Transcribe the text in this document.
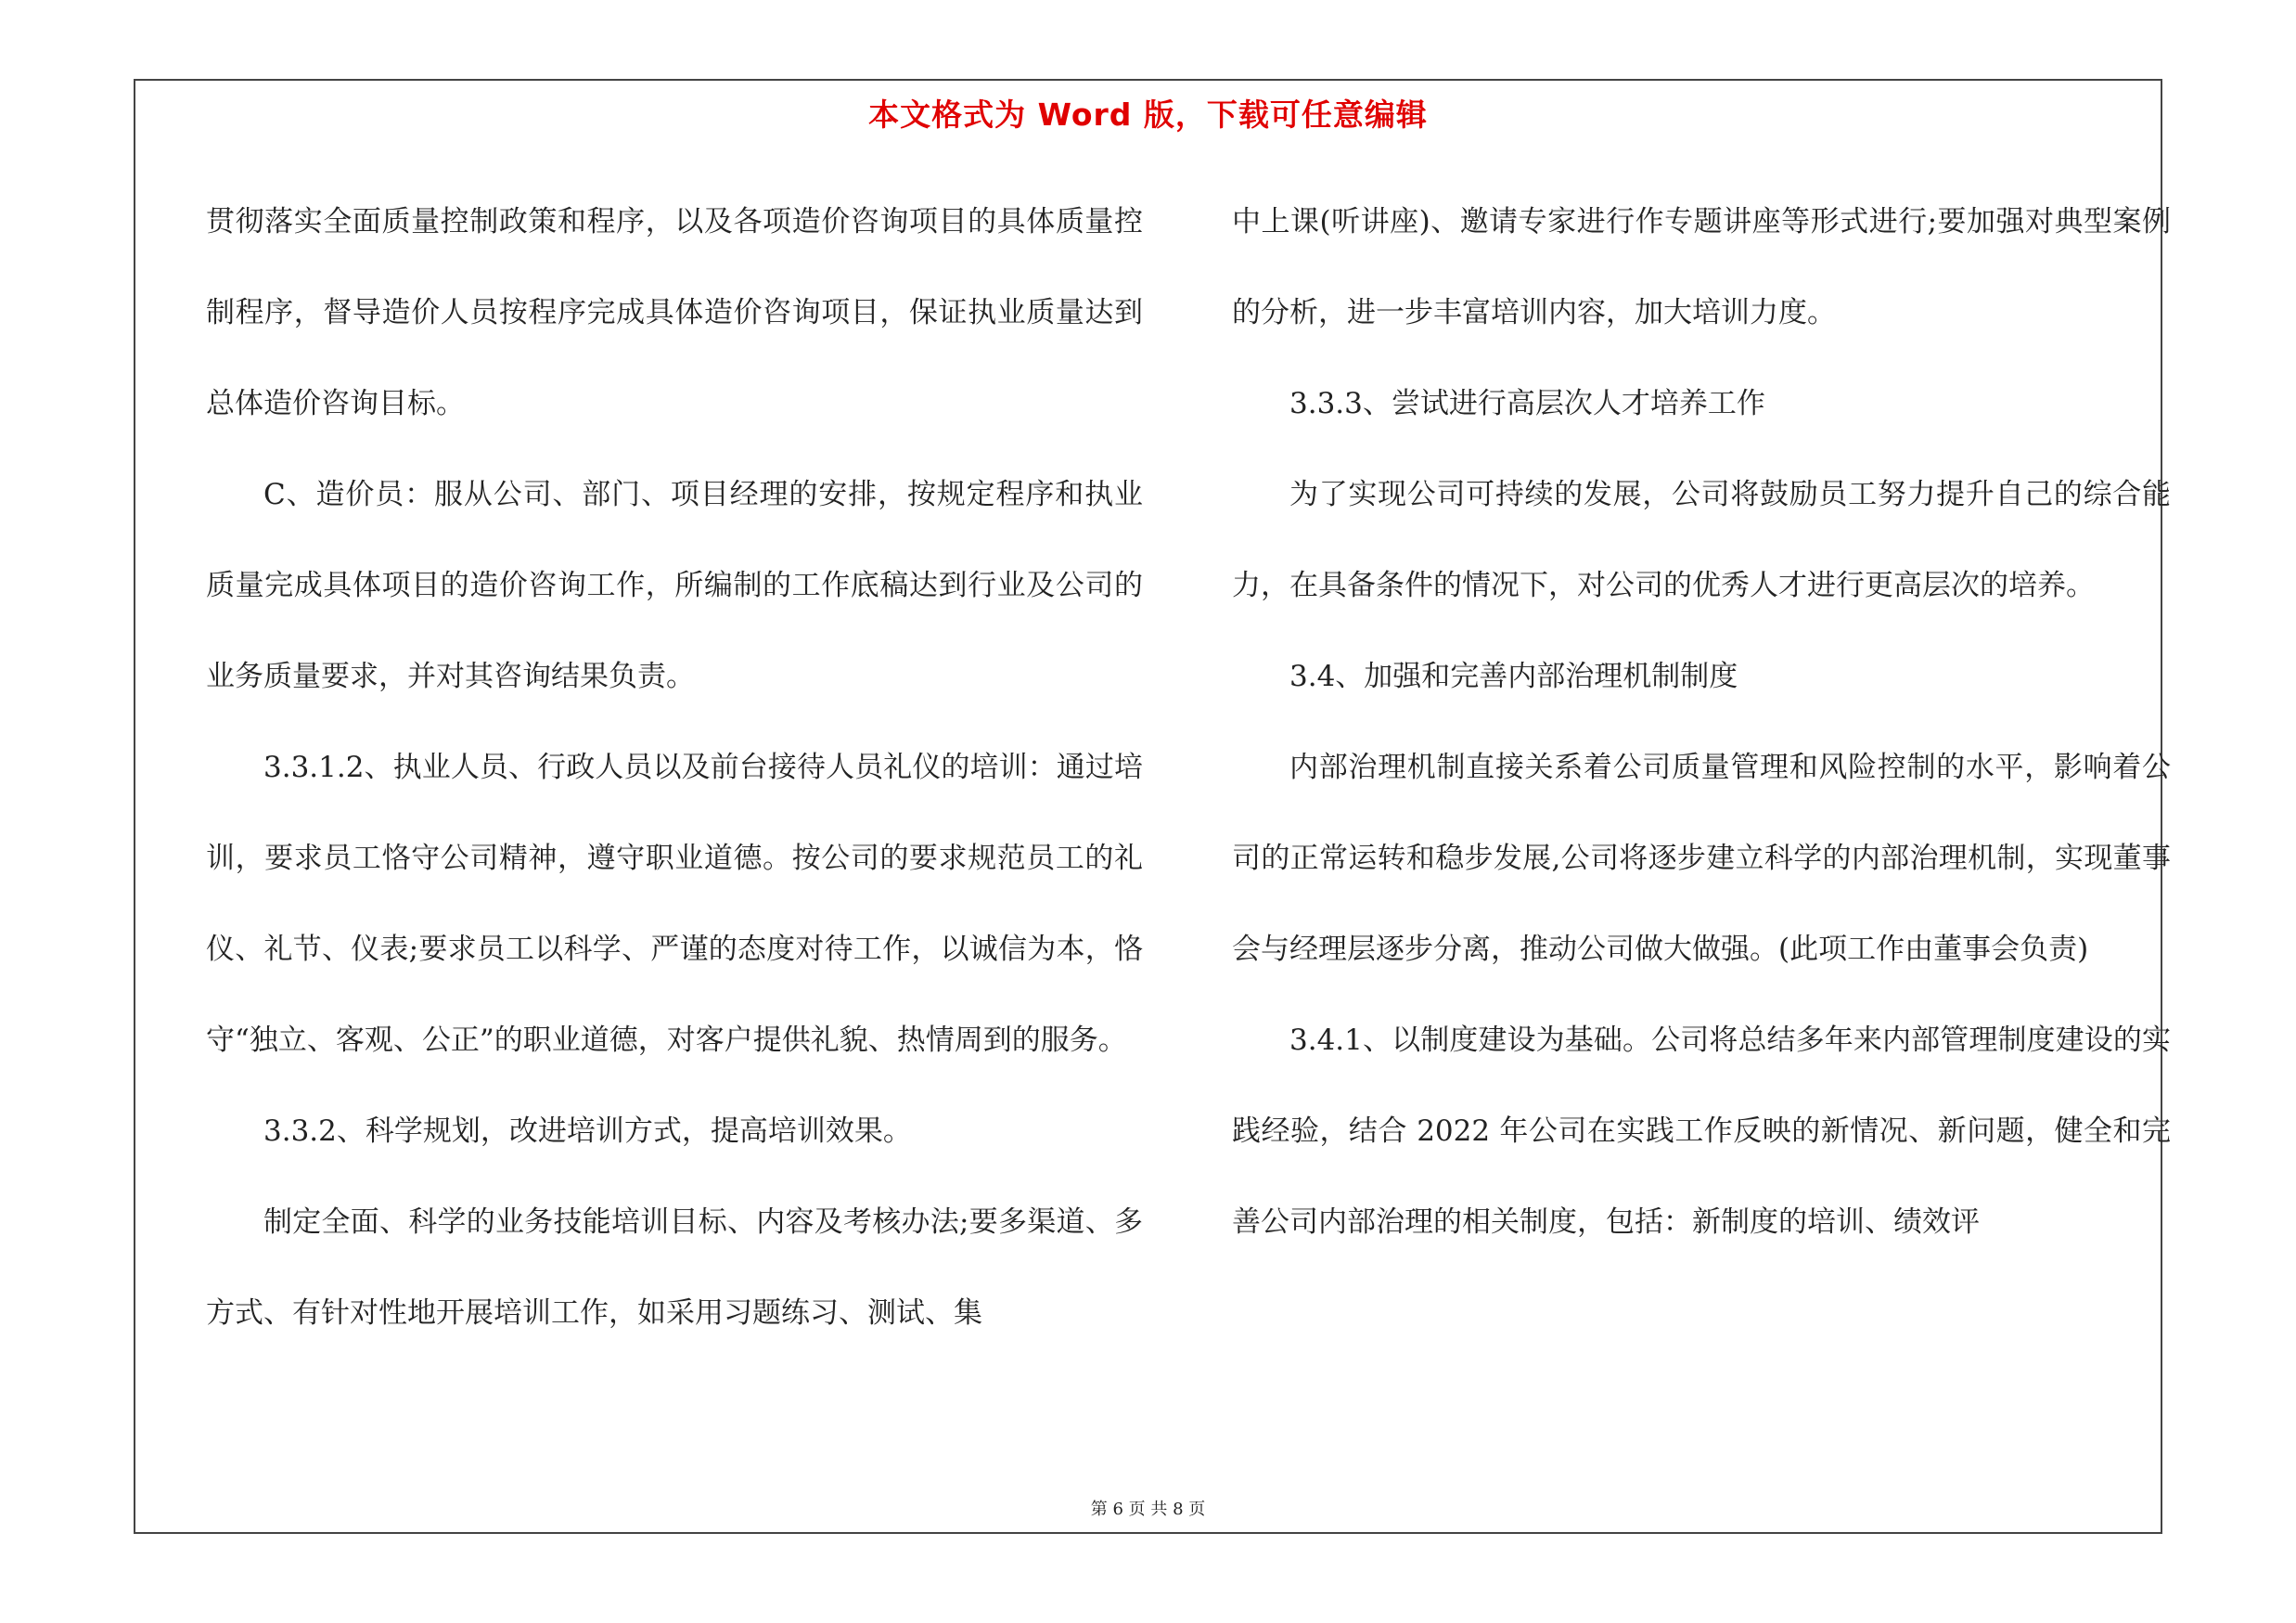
本文格式为 Word 版，下载可任意编辑

贯彻落实全面质量控制政策和程序，以及各项造价咨询项目的具体质量控制程序，督导造价人员按程序完成具体造价咨询项目，保证执业质量达到总体造价咨询目标。

C、造价员：服从公司、部门、项目经理的安排，按规定程序和执业质量完成具体项目的造价咨询工作，所编制的工作底稿达到行业及公司的业务质量要求，并对其咨询结果负责。

3.3.1.2、执业人员、行政人员以及前台接待人员礼仪的培训：通过培训，要求员工恪守公司精神，遵守职业道德。按公司的要求规范员工的礼仪、礼节、仪表;要求员工以科学、严谨的态度对待工作，以诚信为本，恪守“独立、客观、公正”的职业道德，对客户提供礼貌、热情周到的服务。

3.3.2、科学规划，改进培训方式，提高培训效果。

制定全面、科学的业务技能培训目标、内容及考核办法;要多渠道、多方式、有针对性地开展培训工作，如采用习题练习、测试、集

中上课(听讲座)、邀请专家进行作专题讲座等形式进行;要加强对典型案例的分析，进一步丰富培训内容，加大培训力度。

3.3.3、尝试进行高层次人才培养工作

为了实现公司可持续的发展，公司将鼓励员工努力提升自己的综合能力，在具备条件的情况下，对公司的优秀人才进行更高层次的培养。

3.4、加强和完善内部治理机制制度

内部治理机制直接关系着公司质量管理和风险控制的水平，影响着公司的正常运转和稳步发展,公司将逐步建立科学的内部治理机制，实现董事会与经理层逐步分离，推动公司做大做强。(此项工作由董事会负责)

3.4.1、以制度建设为基础。公司将总结多年来内部管理制度建设的实践经验，结合 2022 年公司在实践工作反映的新情况、新问题，健全和完善公司内部治理的相关制度，包括：新制度的培训、绩效评

第 6 页 共 8 页
